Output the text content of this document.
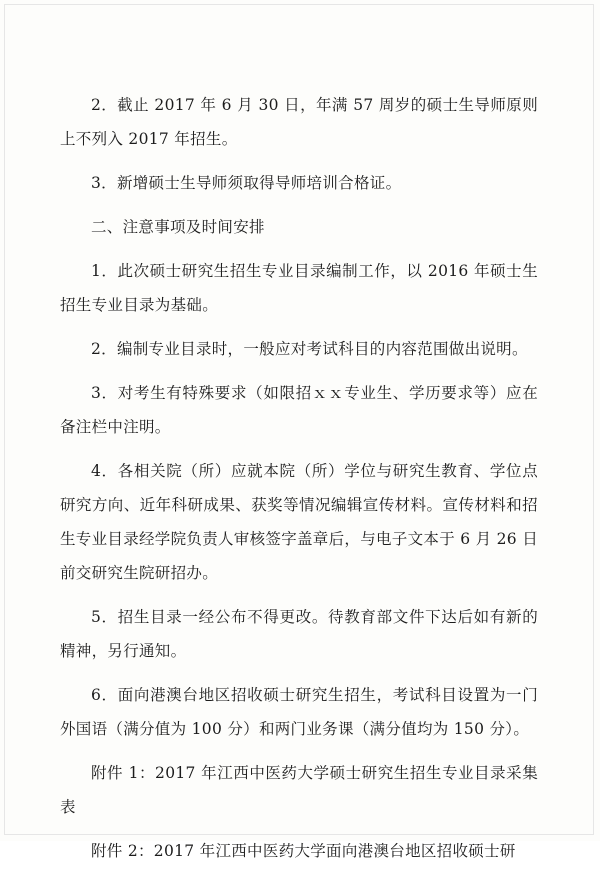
2．截止 2017 年 6 月 30 日，年满 57 周岁的硕士生导师原则上不列入 2017 年招生。

3．新增硕士生导师须取得导师培训合格证。

二、注意事项及时间安排

1．此次硕士研究生招生专业目录编制工作，以 2016 年硕士生招生专业目录为基础。

2．编制专业目录时，一般应对考试科目的内容范围做出说明。

3．对考生有特殊要求（如限招ｘｘ专业生、学历要求等）应在备注栏中注明。

4．各相关院（所）应就本院（所）学位与研究生教育、学位点研究方向、近年科研成果、获奖等情况编辑宣传材料。宣传材料和招生专业目录经学院负责人审核签字盖章后，与电子文本于 6 月 26 日前交研究生院研招办。

5．招生目录一经公布不得更改。待教育部文件下达后如有新的精神，另行通知。

6．面向港澳台地区招收硕士研究生招生，考试科目设置为一门外国语（满分值为 100 分）和两门业务课（满分值均为 150 分）。

附件 1：2017 年江西中医药大学硕士研究生招生专业目录采集表

附件 2：2017 年江西中医药大学面向港澳台地区招收硕士研
